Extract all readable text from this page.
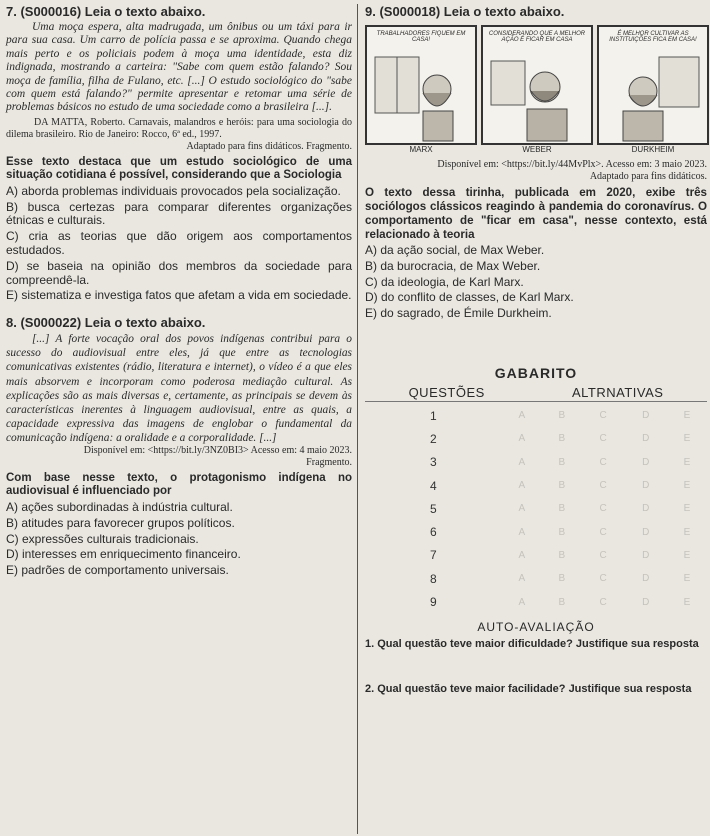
7. (S000016) Leia o texto abaixo.
Uma moça espera, alta madrugada, um ônibus ou um táxi para ir para sua casa. Um carro de polícia passa e se aproxima. Quando chega mais perto e os policiais podem à moça uma identidade, esta diz indignada, mostrando a carteira: "Sabe com quem estão falando? Sou moça de família, filha de Fulano, etc. [...] O estudo sociológico do "sabe com quem está falando?" permite apresentar e retomar uma série de problemas básicos no estudo de uma sociedade como a brasileira [...].
DA MATTA, Roberto. Carnavais, malandros e heróis: para uma sociologia do dilema brasileiro. Rio de Janeiro: Rocco, 6ª ed., 1997.
Adaptado para fins didáticos. Fragmento.
Esse texto destaca que um estudo sociológico de uma situação cotidiana é possível, considerando que a Sociologia
A) aborda problemas individuais provocados pela socialização.
B) busca certezas para comparar diferentes organizações étnicas e culturais.
C) cria as teorias que dão origem aos comportamentos estudados.
D) se baseia na opinião dos membros da sociedade para compreendê-la.
E) sistematiza e investiga fatos que afetam a vida em sociedade.
8. (S000022) Leia o texto abaixo.
[...] A forte vocação oral dos povos indígenas contribui para o sucesso do audiovisual entre eles, já que entre as tecnologias comunicativas existentes (rádio, literatura e internet), o vídeo é a que eles mais absorvem e incorporam como poderosa mediação cultural. As explicações são as mais diversas e, certamente, as principais se devem às características inerentes à linguagem audiovisual, entre as quais, a capacidade expressiva das imagens de englobar o fundamental da comunicação indígena: a oralidade e a corporalidade. [...]
Disponível em: <https://bit.ly/3NZ0BI3> Acesso em: 4 maio 2023.
Fragmento.
Com base nesse texto, o protagonismo indígena no audiovisual é influenciado por
A) ações subordinadas à indústria cultural.
B) atitudes para favorecer grupos políticos.
C) expressões culturais tradicionais.
D) interesses em enriquecimento financeiro.
E) padrões de comportamento universais.
9. (S000018) Leia o texto abaixo.
TRABALHADORES FIQUEM EM CASA!
CONSIDERANDO QUE A MELHOR AÇÃO É FICAR EM CASA
É MELHOR CULTIVAR AS INSTITUIÇÕES FICA EM CASA!
MARX	WEBER	DURKHEIM
Disponível em: <https://bit.ly/44MvPlx>. Acesso em: 3 maio 2023.
Adaptado para fins didáticos.
O texto dessa tirinha, publicada em 2020, exibe três sociólogos clássicos reagindo à pandemia do coronavírus. O comportamento de "ficar em casa", nesse contexto, está relacionado à teoria
A) da ação social, de Max Weber.
B) da burocracia, de Max Weber.
C) da ideologia, de Karl Marx.
D) do conflito de classes, de Karl Marx.
E) do sagrado, de Émile Durkheim.
GABARITO
QUESTÕES	ALTRNATIVAS
1	A	B	C	D	E
2	A	B	C	D	E
3	A	B	C	D	E
4	A	B	C	D	E
5	A	B	C	D	E
6	A	B	C	D	E
7	A	B	C	D	E
8	A	B	C	D	E
9	A	B	C	D	E
AUTO-AVALIAÇÃO
1. Qual questão teve maior dificuldade? Justifique sua resposta
2. Qual questão teve maior facilidade? Justifique sua resposta
